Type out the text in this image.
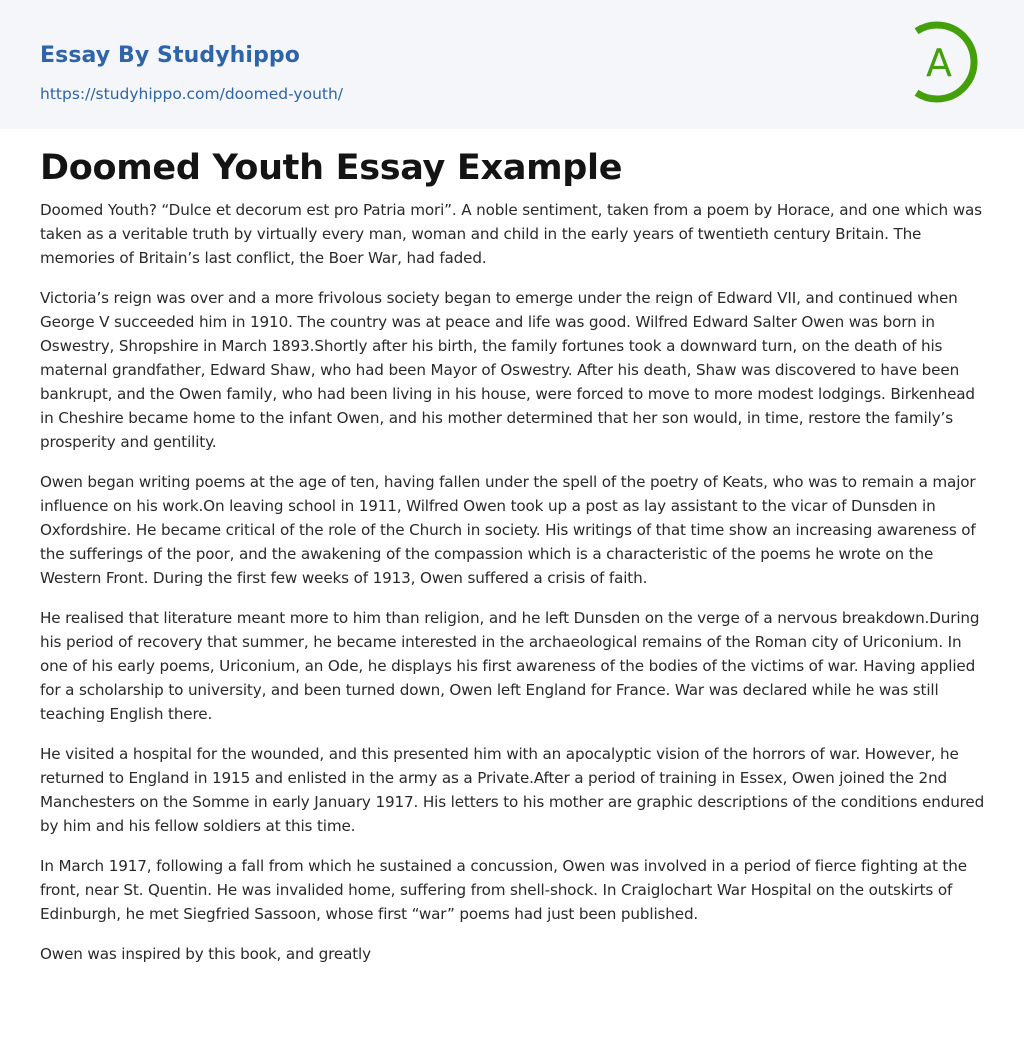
Essay By Studyhippo
https://studyhippo.com/doomed-youth/
A
Doomed Youth Essay Example

Doomed Youth? “Dulce et decorum est pro Patria mori”. A noble sentiment, taken from a poem by Horace, and one which was taken as a veritable truth by virtually every man, woman and child in the early years of twentieth century Britain. The memories of Britain’s last conflict, the Boer War, had faded.

Victoria’s reign was over and a more frivolous society began to emerge under the reign of Edward VII, and continued when George V succeeded him in 1910. The country was at peace and life was good. Wilfred Edward Salter Owen was born in Oswestry, Shropshire in March 1893.Shortly after his birth, the family fortunes took a downward turn, on the death of his maternal grandfather, Edward Shaw, who had been Mayor of Oswestry. After his death, Shaw was discovered to have been bankrupt, and the Owen family, who had been living in his house, were forced to move to more modest lodgings. Birkenhead in Cheshire became home to the infant Owen, and his mother determined that her son would, in time, restore the family’s prosperity and gentility.

Owen began writing poems at the age of ten, having fallen under the spell of the poetry of Keats, who was to remain a major influence on his work.On leaving school in 1911, Wilfred Owen took up a post as lay assistant to the vicar of Dunsden in Oxfordshire. He became critical of the role of the Church in society. His writings of that time show an increasing awareness of the sufferings of the poor, and the awakening of the compassion which is a characteristic of the poems he wrote on the Western Front. During the first few weeks of 1913, Owen suffered a crisis of faith.

He realised that literature meant more to him than religion, and he left Dunsden on the verge of a nervous breakdown.During his period of recovery that summer, he became interested in the archaeological remains of the Roman city of Uriconium. In one of his early poems, Uriconium, an Ode, he displays his first awareness of the bodies of the victims of war. Having applied for a scholarship to university, and been turned down, Owen left England for France. War was declared while he was still teaching English there.

He visited a hospital for the wounded, and this presented him with an apocalyptic vision of the horrors of war. However, he returned to England in 1915 and enlisted in the army as a Private.After a period of training in Essex, Owen joined the 2nd Manchesters on the Somme in early January 1917. His letters to his mother are graphic descriptions of the conditions endured by him and his fellow soldiers at this time.

In March 1917, following a fall from which he sustained a concussion, Owen was involved in a period of fierce fighting at the front, near St. Quentin. He was invalided home, suffering from shell-shock. In Craiglochart War Hospital on the outskirts of Edinburgh, he met Siegfried Sassoon, whose first “war” poems had just been published.

Owen was inspired by this book, and greatly
